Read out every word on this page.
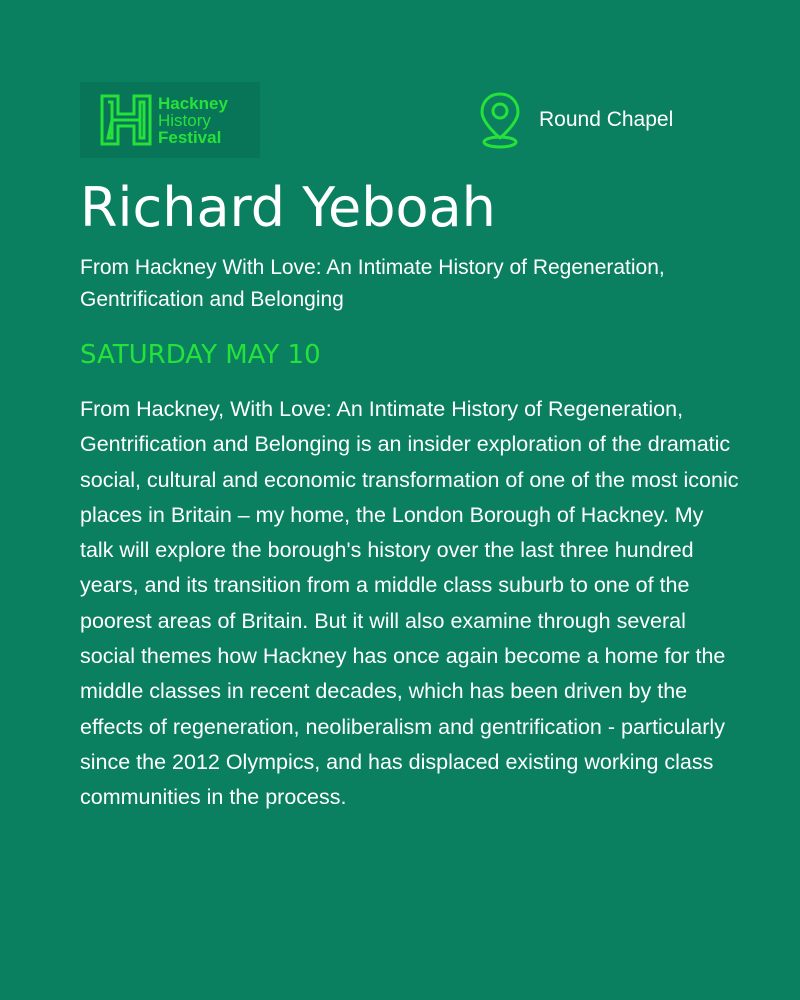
Hackney
History
Festival
Round Chapel
Richard Yeboah
From Hackney With Love: An Intimate History of Regeneration, Gentrification and Belonging
SATURDAY MAY 10
From Hackney, With Love: An Intimate History of Regeneration, Gentrification and Belonging is an insider exploration of the dramatic social, cultural and economic transformation of one of the most iconic places in Britain – my home, the London Borough of Hackney. My talk will explore the borough's history over the last three hundred years, and its transition from a middle class suburb to one of the poorest areas of Britain. But it will also examine through several social themes how Hackney has once again become a home for the middle classes in recent decades, which has been driven by the effects of regeneration, neoliberalism and gentrification - particularly since the 2012 Olympics, and has displaced existing working class communities in the process.
